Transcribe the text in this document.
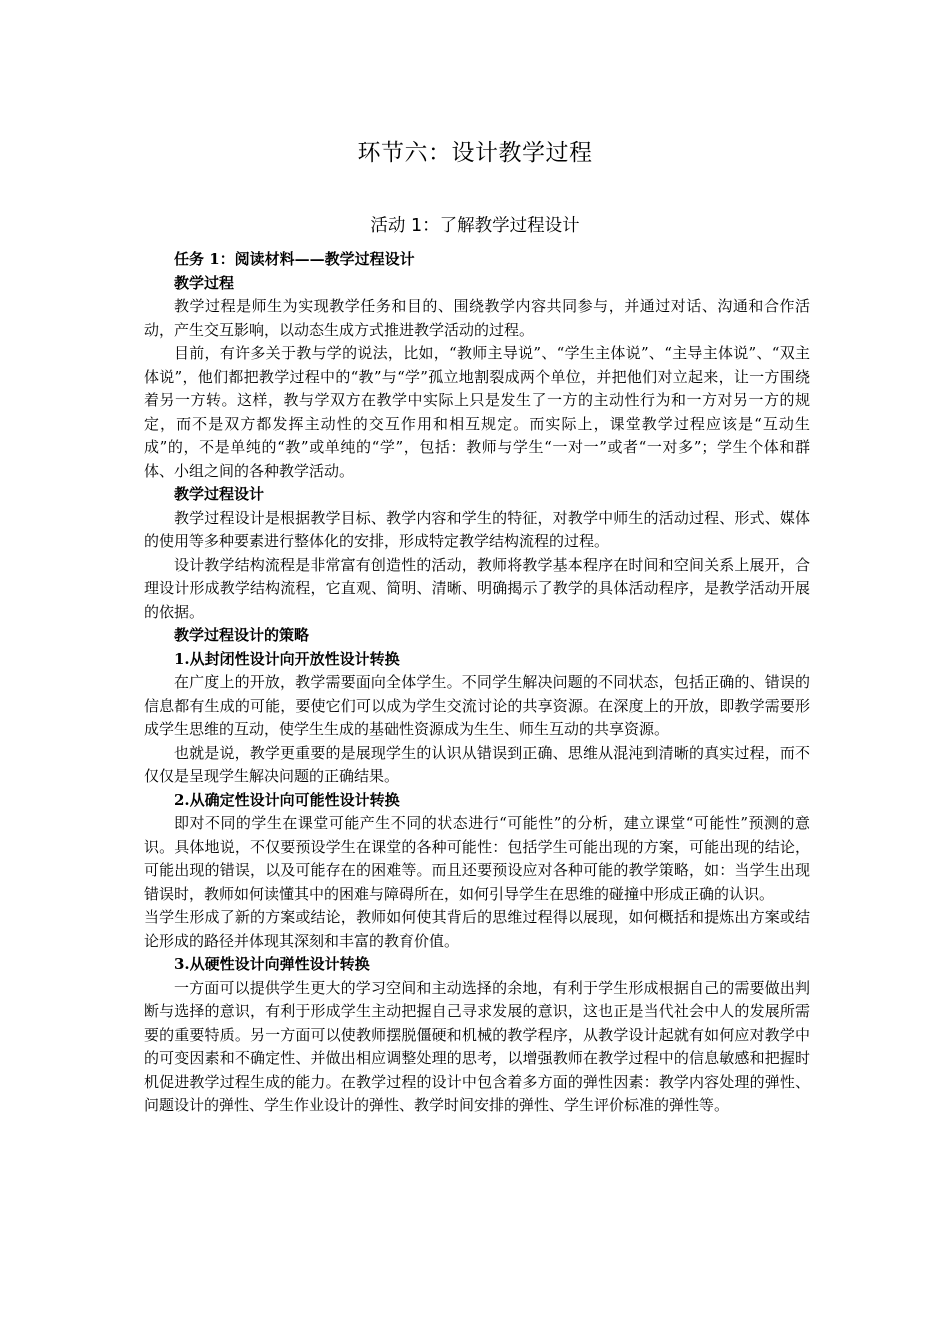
环节六：设计教学过程
活动 1：了解教学过程设计

任务 1：阅读材料——教学过程设计

教学过程

教学过程是师生为实现教学任务和目的、围绕教学内容共同参与，并通过对话、沟通和合作活动，产生交互影响，以动态生成方式推进教学活动的过程。

目前，有许多关于教与学的说法，比如，“教师主导说”、“学生主体说”、“主导主体说”、“双主体说”，他们都把教学过程中的“教”与“学”孤立地割裂成两个单位，并把他们对立起来，让一方围绕着另一方转。这样，教与学双方在教学中实际上只是发生了一方的主动性行为和一方对另一方的规定，而不是双方都发挥主动性的交互作用和相互规定。而实际上，课堂教学过程应该是“互动生成”的，不是单纯的“教”或单纯的“学”，包括：教师与学生“一对一”或者“一对多”；学生个体和群体、小组之间的各种教学活动。

教学过程设计

教学过程设计是根据教学目标、教学内容和学生的特征，对教学中师生的活动过程、形式、媒体的使用等多种要素进行整体化的安排，形成特定教学结构流程的过程。

设计教学结构流程是非常富有创造性的活动，教师将教学基本程序在时间和空间关系上展开，合理设计形成教学结构流程，它直观、简明、清晰、明确揭示了教学的具体活动程序，是教学活动开展的依据。

教学过程设计的策略

1.从封闭性设计向开放性设计转换

在广度上的开放，教学需要面向全体学生。不同学生解决问题的不同状态，包括正确的、错误的信息都有生成的可能，要使它们可以成为学生交流讨论的共享资源。在深度上的开放，即教学需要形成学生思维的互动，使学生生成的基础性资源成为生生、师生互动的共享资源。

也就是说，教学更重要的是展现学生的认识从错误到正确、思维从混沌到清晰的真实过程，而不仅仅是呈现学生解决问题的正确结果。

2.从确定性设计向可能性设计转换

即对不同的学生在课堂可能产生不同的状态进行“可能性”的分析，建立课堂“可能性”预测的意识。具体地说，不仅要预设学生在课堂的各种可能性：包括学生可能出现的方案，可能出现的结论，可能出现的错误，以及可能存在的困难等。而且还要预设应对各种可能的教学策略，如：当学生出现错误时，教师如何读懂其中的困难与障碍所在，如何引导学生在思维的碰撞中形成正确的认识。

当学生形成了新的方案或结论，教师如何使其背后的思维过程得以展现，如何概括和提炼出方案或结论形成的路径并体现其深刻和丰富的教育价值。

3.从硬性设计向弹性设计转换

一方面可以提供学生更大的学习空间和主动选择的余地，有利于学生形成根据自己的需要做出判断与选择的意识，有利于形成学生主动把握自己寻求发展的意识，这也正是当代社会中人的发展所需要的重要特质。另一方面可以使教师摆脱僵硬和机械的教学程序，从教学设计起就有如何应对教学中的可变因素和不确定性、并做出相应调整处理的思考，以增强教师在教学过程中的信息敏感和把握时机促进教学过程生成的能力。在教学过程的设计中包含着多方面的弹性因素：教学内容处理的弹性、问题设计的弹性、学生作业设计的弹性、教学时间安排的弹性、学生评价标准的弹性等。
